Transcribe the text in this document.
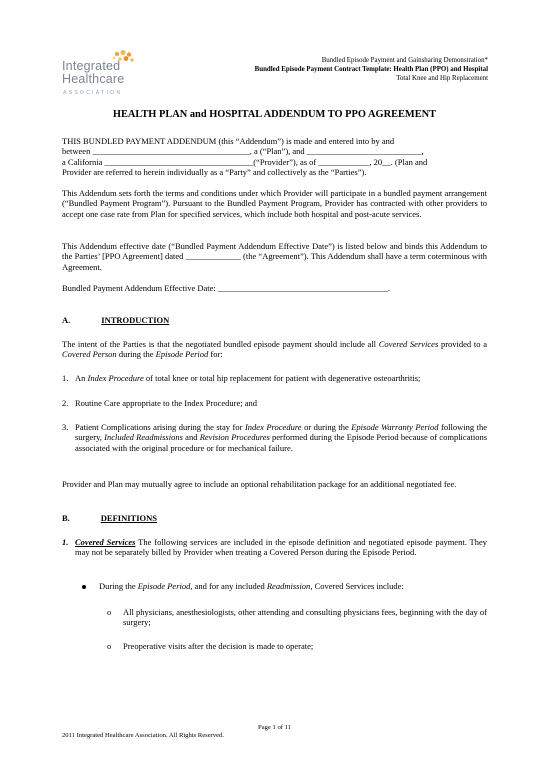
Integrated
Healthcare
ASSOCIATION
Bundled Episode Payment and Gainsharing Demonstration*
Bundled Episode Payment Contract Template: Health Plan (PPO) and Hospital
Total Knee and Hip Replacement
HEALTH PLAN and HOSPITAL ADDENDUM TO PPO AGREEMENT
THIS BUNDLED PAYMENT ADDENDUM (this “Addendum”) is made and entered into by and
between _____________________________________, a (“Plan”), and ___________________________,
a California ___________________________________(“Provider”), as of ____________, 20__. (Plan and
Provider are referred to herein individually as a “Party” and collectively as the “Parties”).
This Addendum sets forth the terms and conditions under which Provider will participate in a bundled payment arrangement (“Bundled Payment Program”). Pursuant to the Bundled Payment Program, Provider has contracted with other providers to accept one case rate from Plan for specified services, which include both hospital and post-acute services.
This Addendum effective date (“Bundled Payment Addendum Effective Date”) is listed below and binds this Addendum to the Parties’ [PPO Agreement] dated _____________ (the “Agreement”). This Addendum shall have a term coterminous with Agreement.
Bundled Payment Addendum Effective Date: ________________________________________.
A.	INTRODUCTION
The intent of the Parties is that the negotiated bundled episode payment should include all Covered Services provided to a Covered Person during the Episode Period for:
1. An Index Procedure of total knee or total hip replacement for patient with degenerative osteoarthritis;
2. Routine Care appropriate to the Index Procedure; and
3. Patient Complications arising during the stay for Index Procedure or during the Episode Warranty Period following the surgery, Included Readmissions and Revision Procedures performed during the Episode Period because of complications associated with the original procedure or for mechanical failure.
Provider and Plan may mutually agree to include an optional rehabilitation package for an additional negotiated fee.
B.	DEFINITIONS
1. Covered Services The following services are included in the episode definition and negotiated episode payment. They may not be separately billed by Provider when treating a Covered Person during the Episode Period.
During the Episode Period, and for any included Readmission, Covered Services include:
o All physicians, anesthesiologists, other attending and consulting physicians fees, beginning with the day of surgery;
o Preoperative visits after the decision is made to operate;
Page 1 of 11
2011 Integrated Healthcare Association. All Rights Reserved.
